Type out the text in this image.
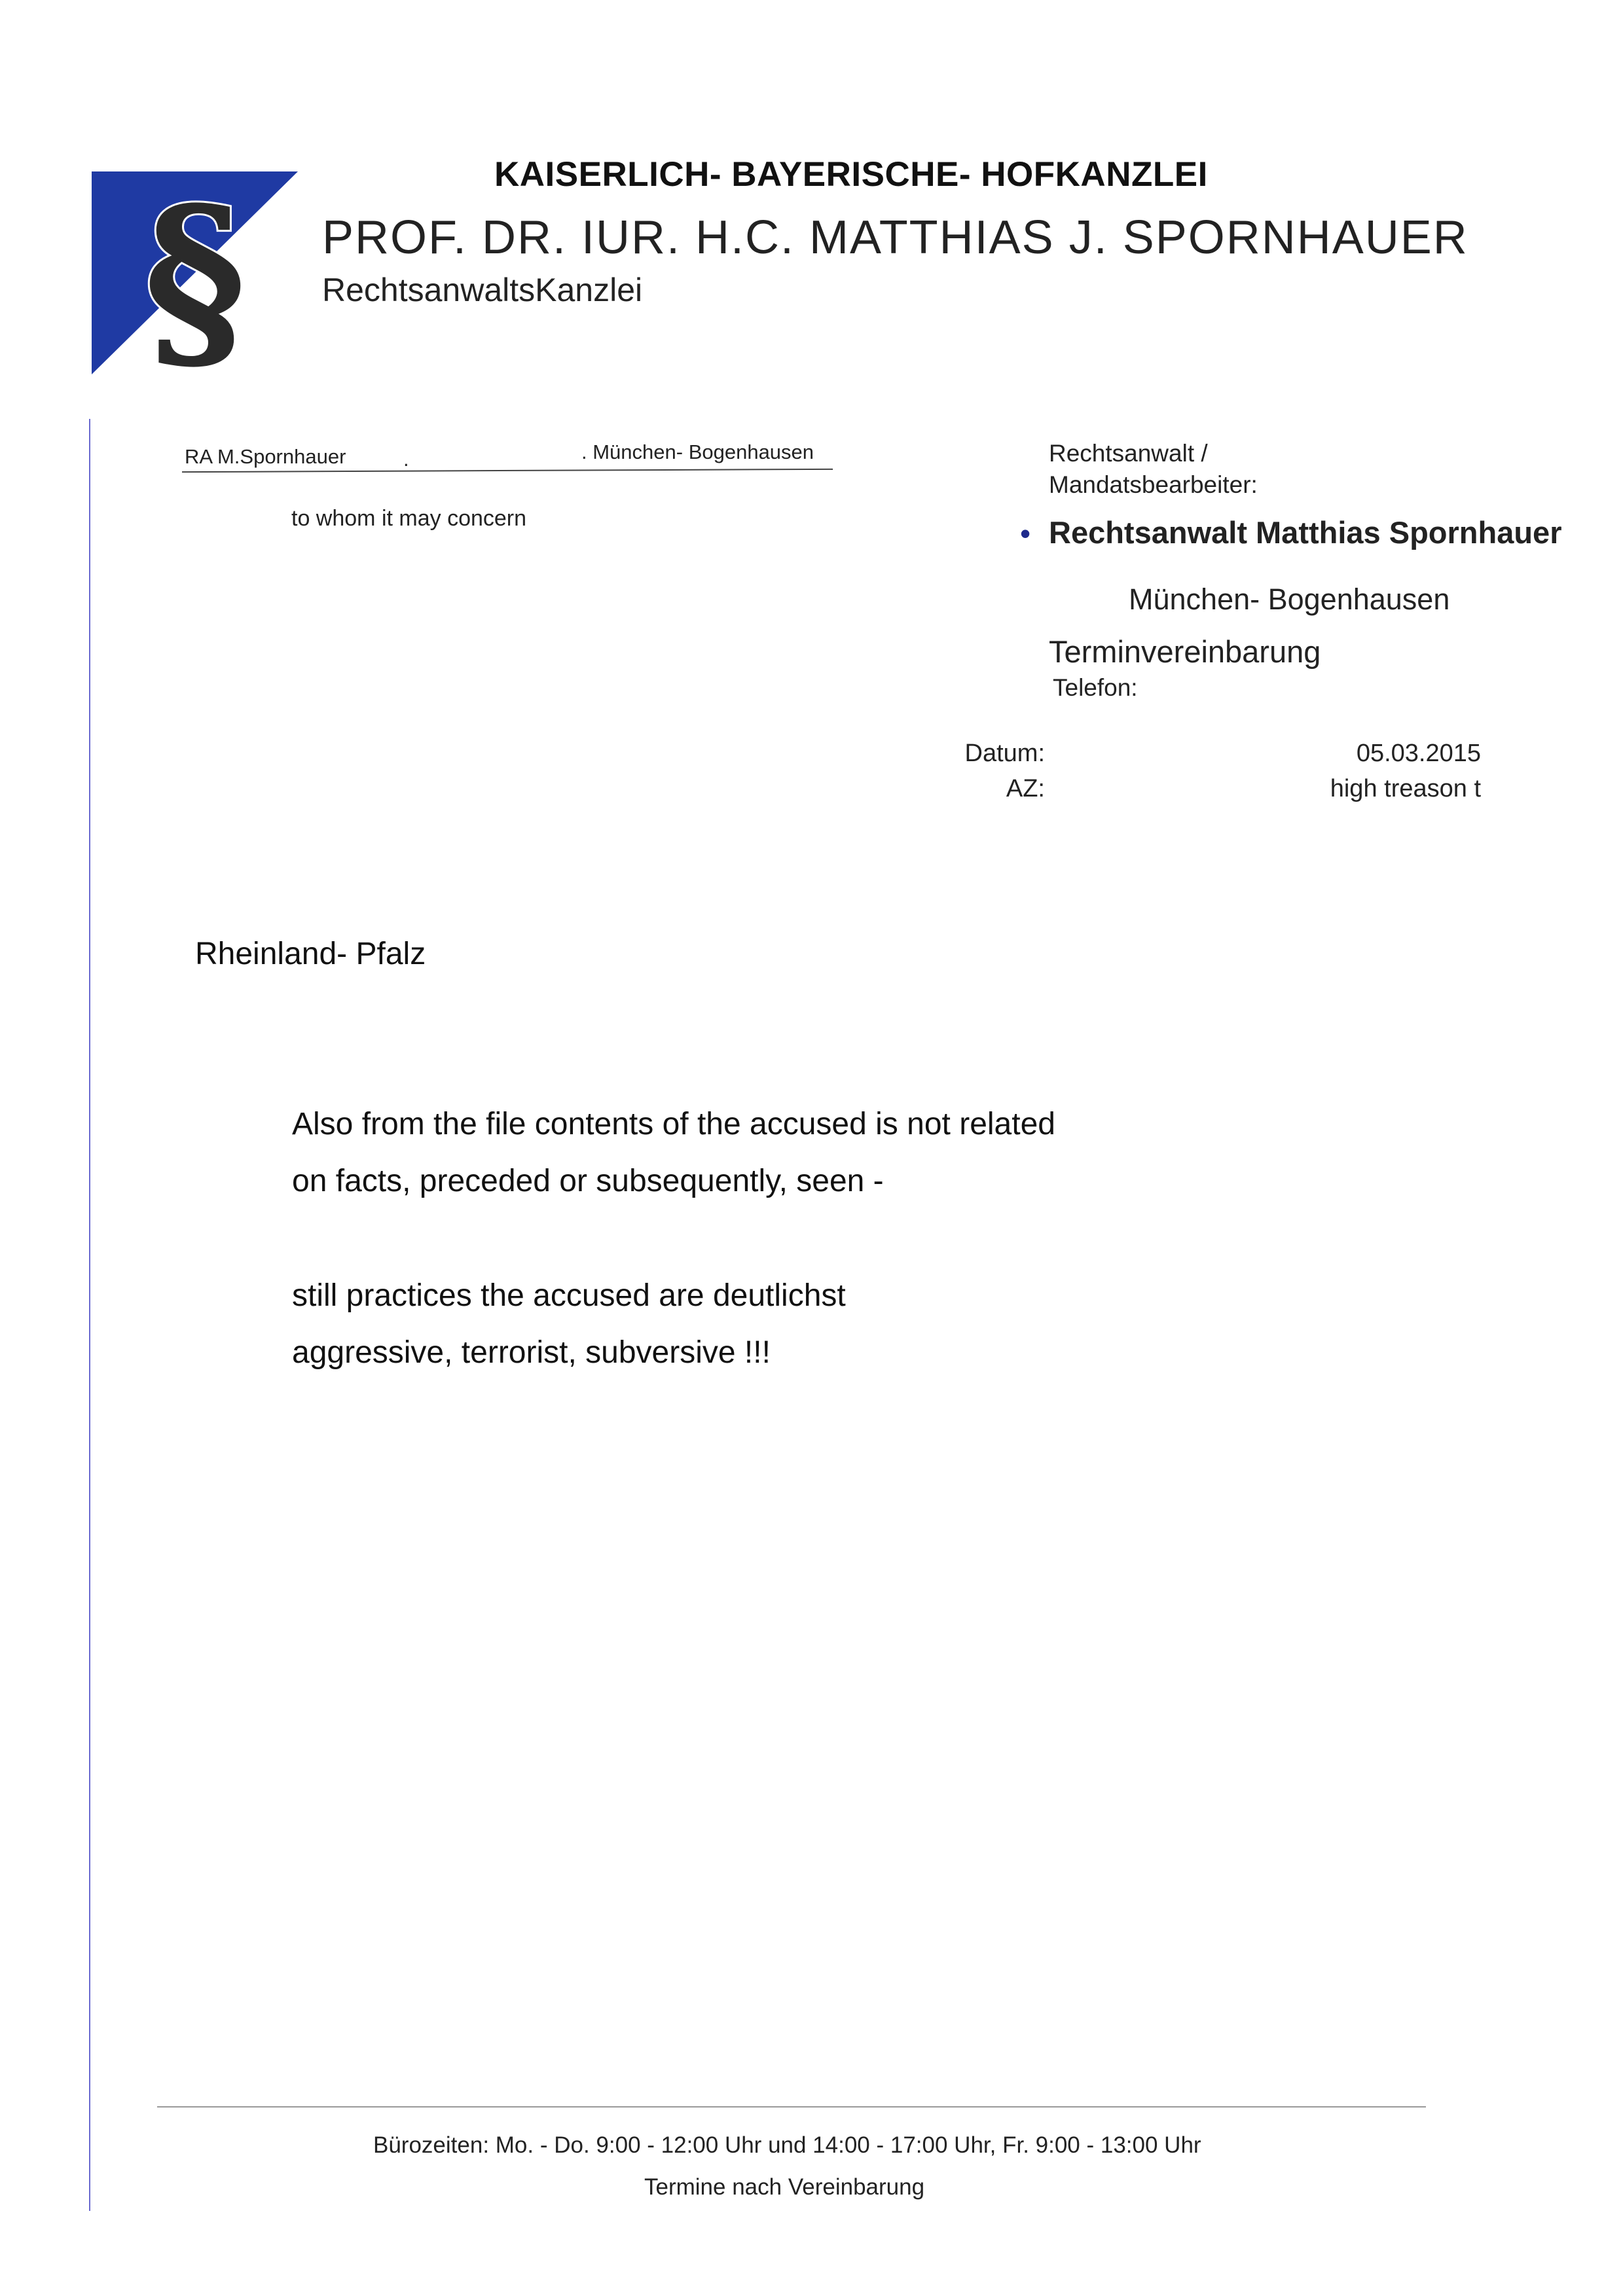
§	KAISERLICH- BAYERISCHE- HOFKANZLEI
PROF. DR. IUR. H.C. MATTHIAS J. SPORNHAUER
RechtsanwaltsKanzlei
RA M.Spornhauer	.	. München- Bogenhausen
to whom it may concern
Rechtsanwalt /
Mandatsbearbeiter:
• Rechtsanwalt Matthias Spornhauer
München- Bogenhausen
Terminvereinbarung
Telefon:
Datum:	05.03.2015
AZ:	high treason t
Rheinland- Pfalz
Also from the file contents of the accused is not related
on facts, preceded or subsequently, seen -
still practices the accused are deutlichst
aggressive, terrorist, subversive !!!
Bürozeiten: Mo. - Do. 9:00 - 12:00 Uhr und 14:00 - 17:00 Uhr, Fr. 9:00 - 13:00 Uhr
Termine nach Vereinbarung
